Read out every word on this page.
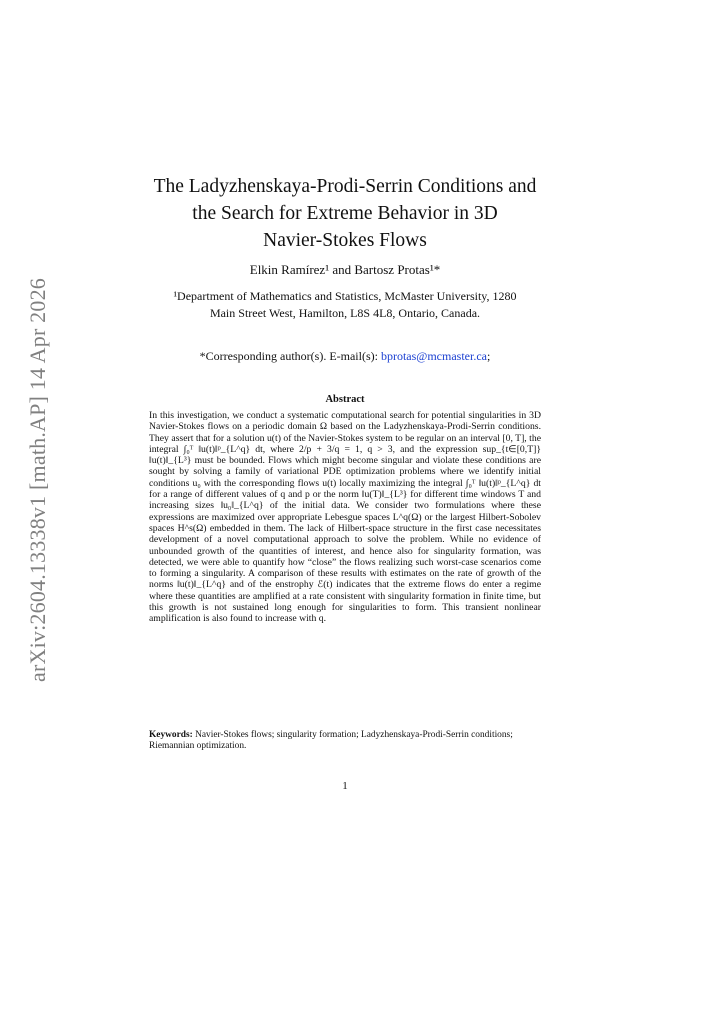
arXiv:2604.13338v1 [math.AP] 14 Apr 2026
The Ladyzhenskaya-Prodi-Serrin Conditions and
the Search for Extreme Behavior in 3D
Navier-Stokes Flows
Elkin Ramírez¹ and Bartosz Protas¹*
¹Department of Mathematics and Statistics, McMaster University, 1280
Main Street West, Hamilton, L8S 4L8, Ontario, Canada.
*Corresponding author(s). E-mail(s): bprotas@mcmaster.ca;
Abstract

In this investigation, we conduct a systematic computational search for potential singularities in 3D Navier-Stokes flows on a periodic domain Ω based on the Ladyzhenskaya-Prodi-Serrin conditions. They assert that for a solution u(t) of the Navier-Stokes system to be regular on an interval [0, T], the integral ∫₀ᵀ ‖u(t)‖ᵖ_{L^q} dt, where 2/p + 3/q = 1, q > 3, and the expression sup_{t∈[0,T]} ‖u(t)‖_{L³} must be bounded. Flows which might become singular and violate these conditions are sought by solving a family of variational PDE optimization problems where we identify initial conditions u₀ with the corresponding flows u(t) locally maximizing the integral ∫₀ᵀ ‖u(t)‖ᵖ_{L^q} dt for a range of different values of q and p or the norm ‖u(T)‖_{L³} for different time windows T and increasing sizes ‖u₀‖_{L^q} of the initial data. We consider two formulations where these expressions are maximized over appropriate Lebesgue spaces L^q(Ω) or the largest Hilbert-Sobolev spaces H^s(Ω) embedded in them. The lack of Hilbert-space structure in the first case necessitates development of a novel computational approach to solve the problem. While no evidence of unbounded growth of the quantities of interest, and hence also for singularity formation, was detected, we were able to quantify how “close” the flows realizing such worst-case scenarios come to forming a singularity. A comparison of these results with estimates on the rate of growth of the norms ‖u(t)‖_{L^q} and of the enstrophy ℰ(t) indicates that the extreme flows do enter a regime where these quantities are amplified at a rate consistent with singularity formation in finite time, but this growth is not sustained long enough for singularities to form. This transient nonlinear amplification is also found to increase with q.

Keywords: Navier-Stokes flows; singularity formation; Ladyzhenskaya-Prodi-Serrin conditions; Riemannian optimization.
1
